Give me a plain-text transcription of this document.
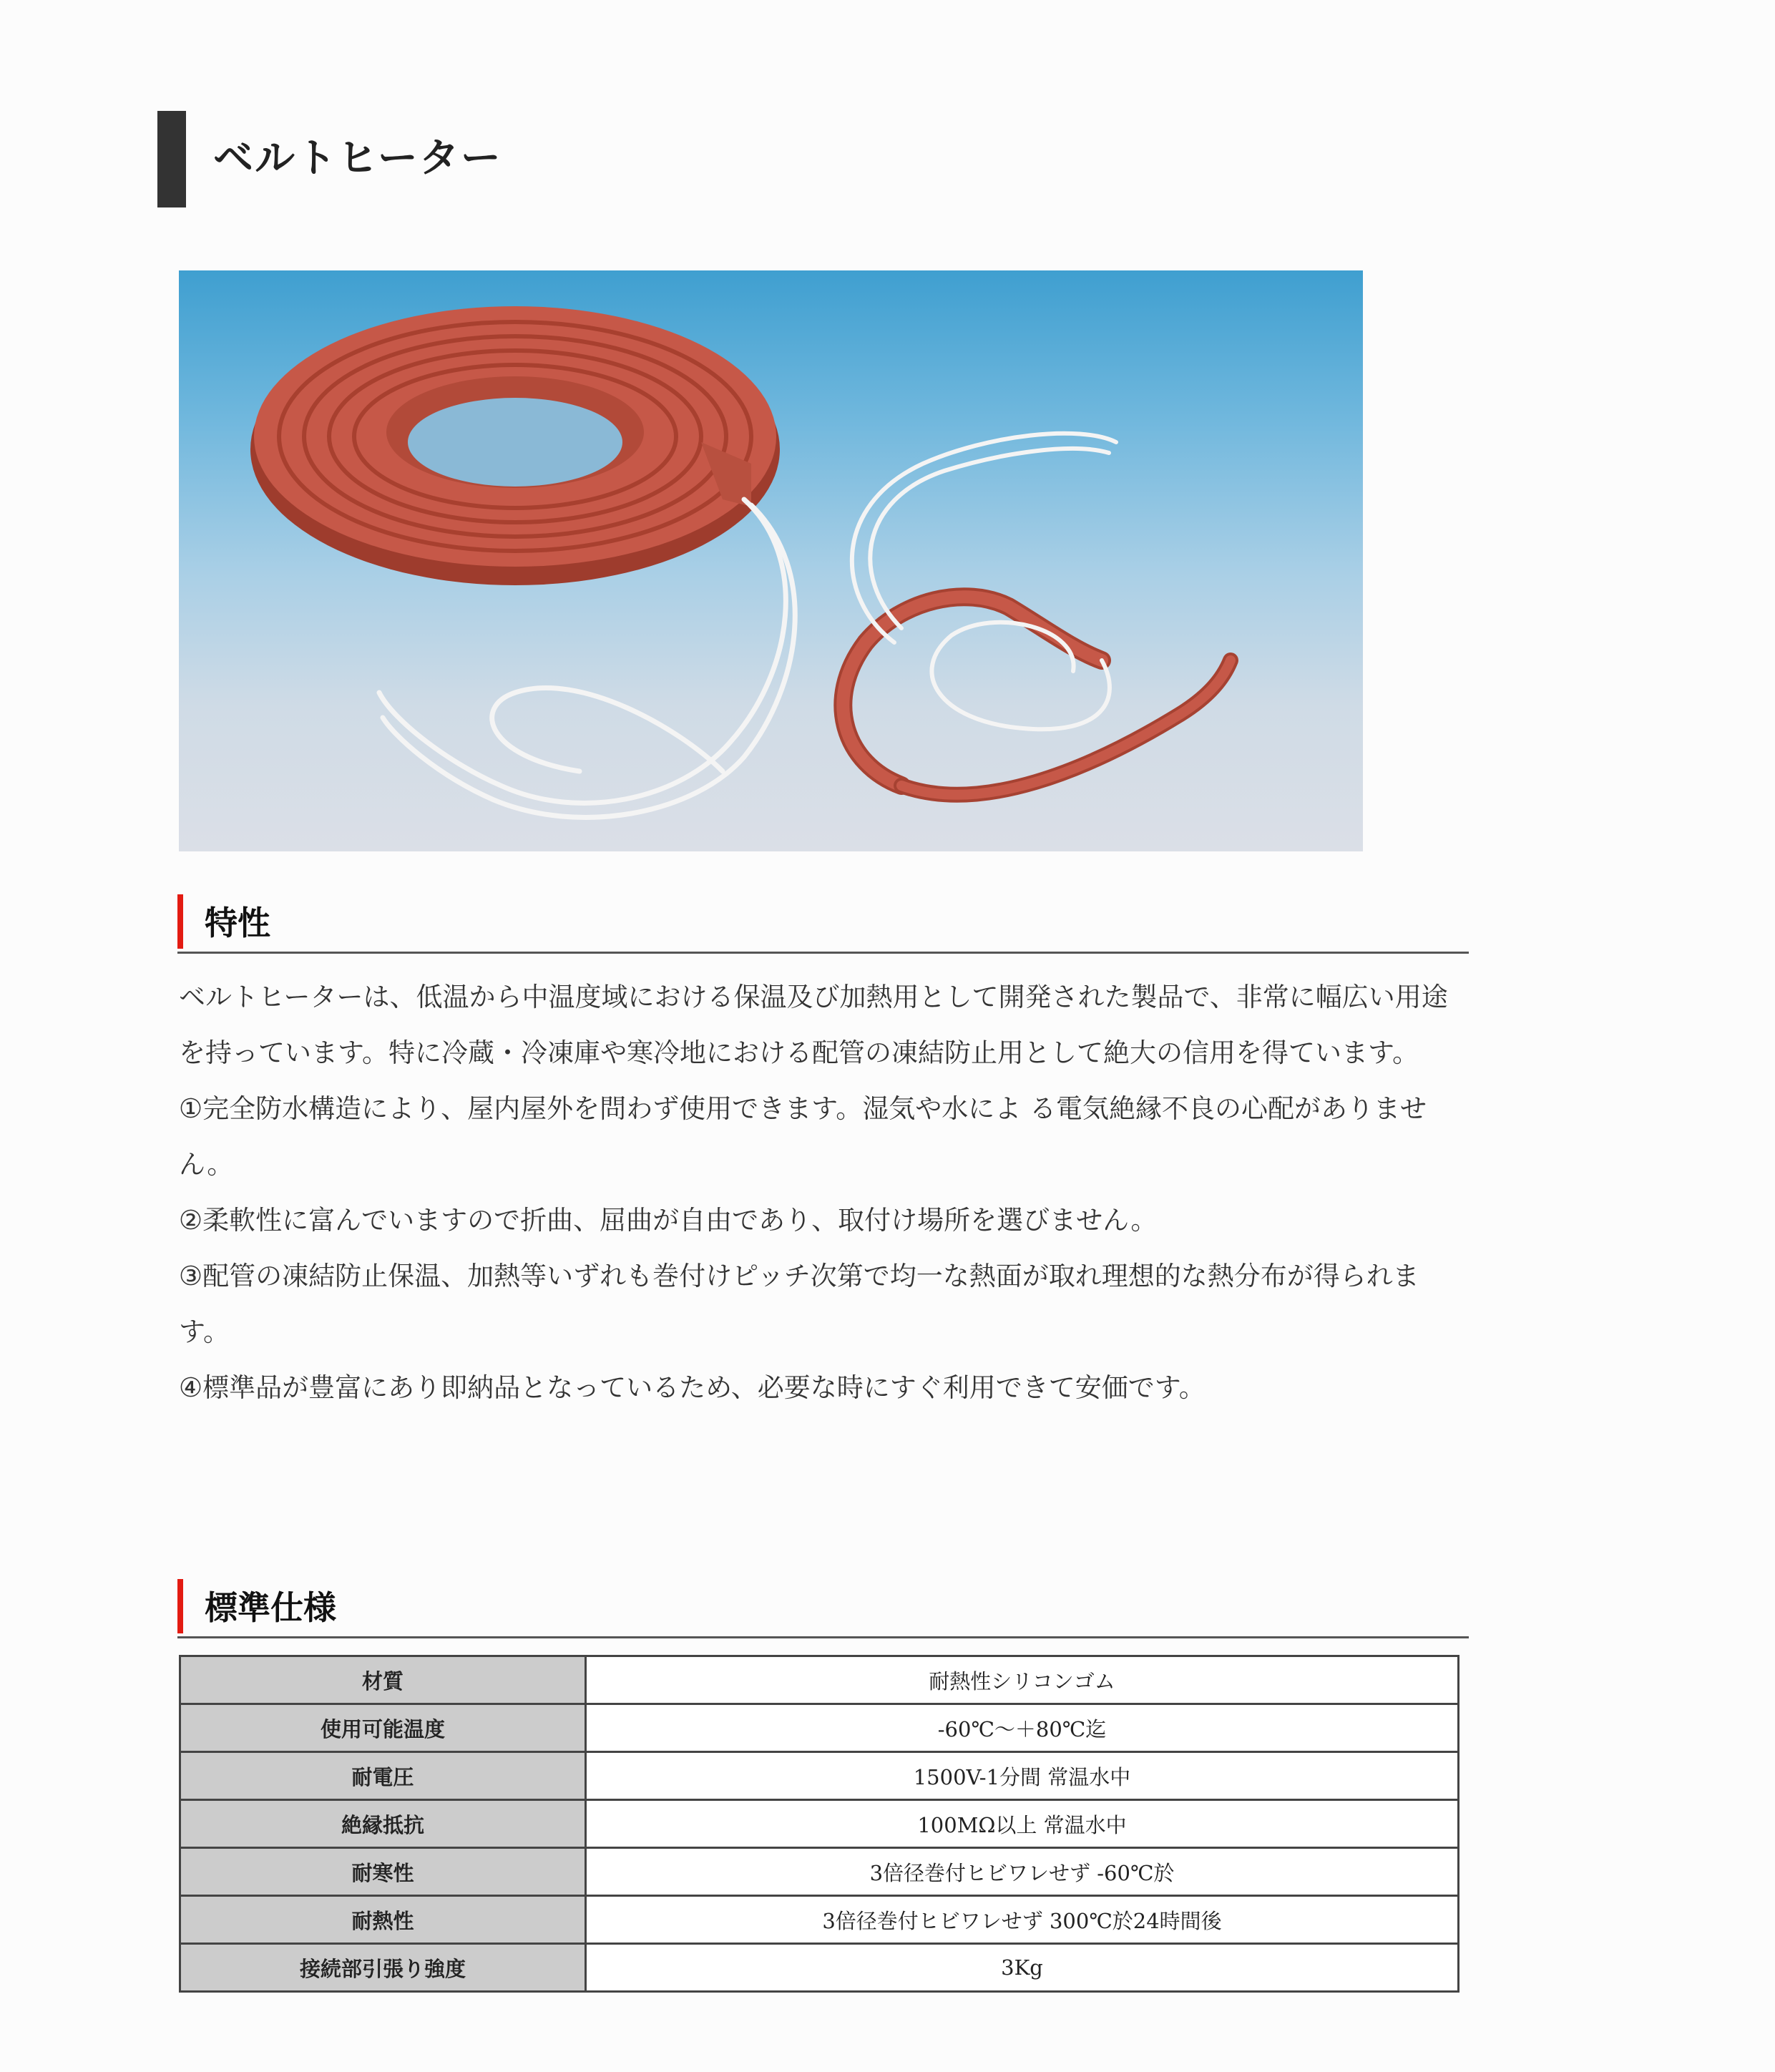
ベルトヒーター
特性

ベルトヒーターは、低温から中温度域における保温及び加熱用として開発された製品で、非常に幅広い用途を持っています。特に冷蔵・冷凍庫や寒冷地における配管の凍結防止用として絶大の信用を得ています。

①完全防水構造により、屋内屋外を問わず使用できます。湿気や水によ る電気絶縁不良の心配がありません。

②柔軟性に富んでいますので折曲、屈曲が自由であり、取付け場所を選びません。

③配管の凍結防止保温、加熱等いずれも巻付けピッチ次第で均一な熱面が取れ理想的な熱分布が得られます。

④標準品が豊富にあり即納品となっているため、必要な時にすぐ利用できて安価です。

標準仕様
材質	耐熱性シリコンゴム
使用可能温度	-60℃～＋80℃迄
耐電圧	1500V-1分間 常温水中
絶縁抵抗	100MΩ以上 常温水中
耐寒性	3倍径巻付ヒビワレせず -60℃於
耐熱性	3倍径巻付ヒビワレせず 300℃於24時間後
接続部引張り強度	3Kg
